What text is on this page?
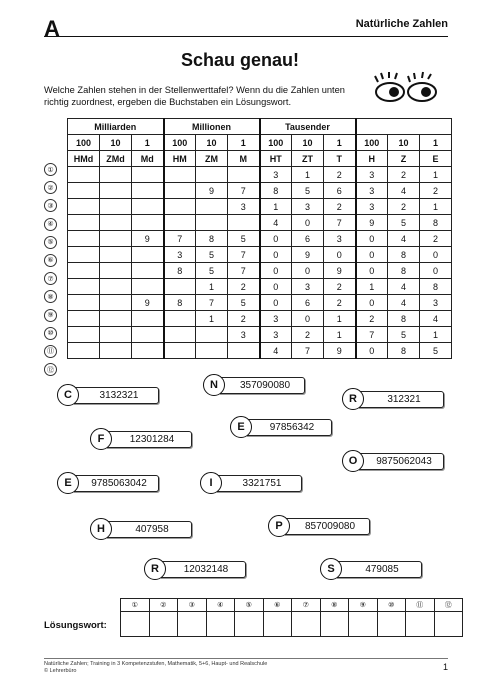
A	Natürliche Zahlen
Schau genau!
Welche Zahlen stehen in der Stellenwerttafel? Wenn du die Zahlen unten richtig zuordnest, ergeben die Buchstaben ein Lösungswort.
Milliarden			Millionen			Tausender					
100	10	1	100	10	1	100	10	1	100	10	1
HMd	ZMd	Md	HM	ZM	M	HT	ZT	T	H	Z	E
						3	1	2	3	2	1
				9	7	8	5	6	3	4	2
					3	1	3	2	3	2	1
						4	0	7	9	5	8
		9	7	8	5	0	6	3	0	4	2
			3	5	7	0	9	0	0	8	0
			8	5	7	0	0	9	0	8	0
				1	2	0	3	2	1	4	8
		9	8	7	5	0	6	2	0	4	3
				1	2	3	0	1	2	8	4
					3	3	2	1	7	5	1
						4	7	9	0	8	5
①
②
③
④
⑤
⑥
⑦
⑧
⑨
⑩
⑪
⑫
C	3132321
N	357090080
R	312321
F	12301284
E	97856342
O	9875062043
E	9785063042	I	3321751
H	407958	P	857009080
R	12032148	S	479085
Lösungswort:
①	②	③	④	⑤	⑥	⑦	⑧	⑨	⑩	⑪	⑫

Natürliche Zahlen; Training in 3 Kompetenzstufen, Mathematik, 5+6, Haupt- und Realschule
© Lehrerbüro	1
